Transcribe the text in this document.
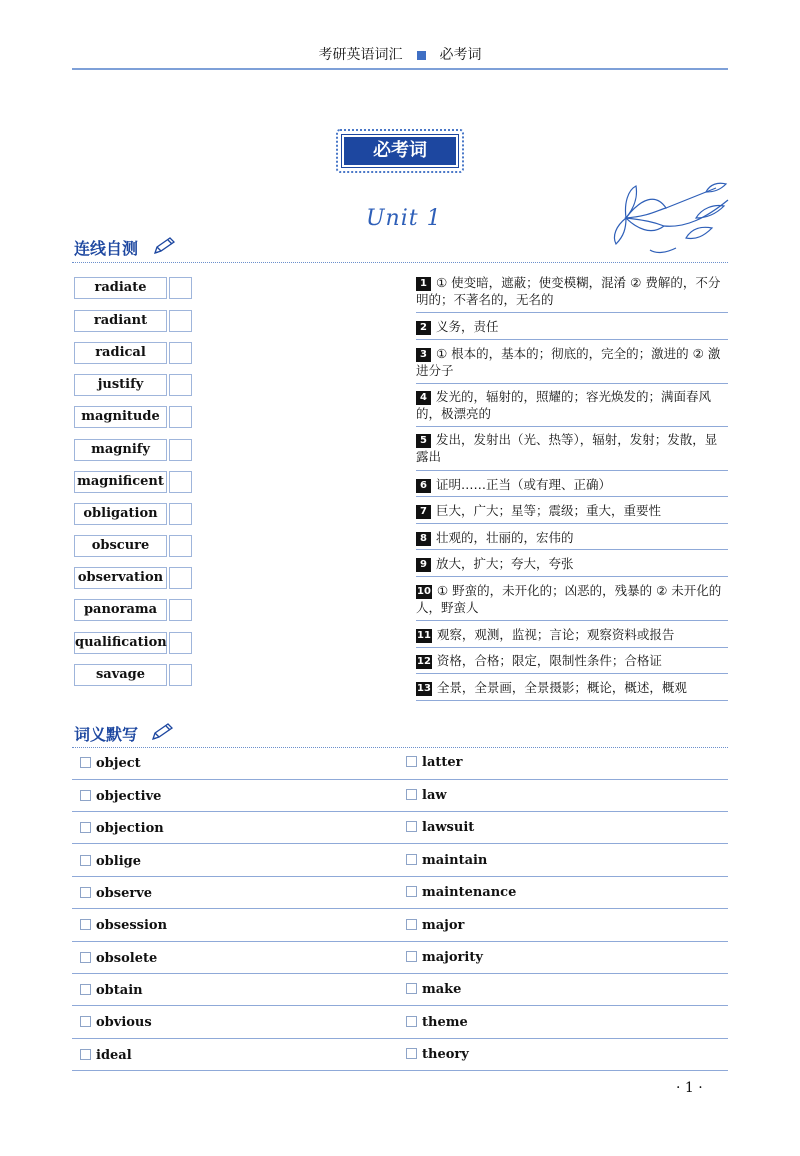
考研英语词汇	必考词
必考词
Unit 1
连线自测
radiate
radiant
radical
justify
magnitude
magnify
magnificent
obligation
obscure
observation
panorama
qualification
savage
1 ① 使变暗，遮蔽；使变模糊，混淆 ② 费解的，不分明的；不著名的，无名的
2 义务，责任
3 ① 根本的，基本的；彻底的，完全的；激进的 ② 激进分子
4 发光的，辐射的，照耀的；容光焕发的；满面春风的，极漂亮的
5 发出，发射出（光、热等），辐射，发射；发散，显露出
6 证明……正当（或有理、正确）
7 巨大，广大；星等；震级；重大，重要性
8 壮观的，壮丽的，宏伟的
9 放大，扩大；夸大，夸张
10 ① 野蛮的，未开化的；凶恶的，残暴的 ② 未开化的人，野蛮人
11 观察，观测，监视；言论；观察资料或报告
12 资格，合格；限定，限制性条件；合格证
13 全景，全景画，全景摄影；概论，概述，概观
词义默写
object	latter
objective	law
objection	lawsuit
oblige	maintain
observe	maintenance
obsession	major
obsolete	majority
obtain	make
obvious	theme
ideal	theory
· 1 ·
